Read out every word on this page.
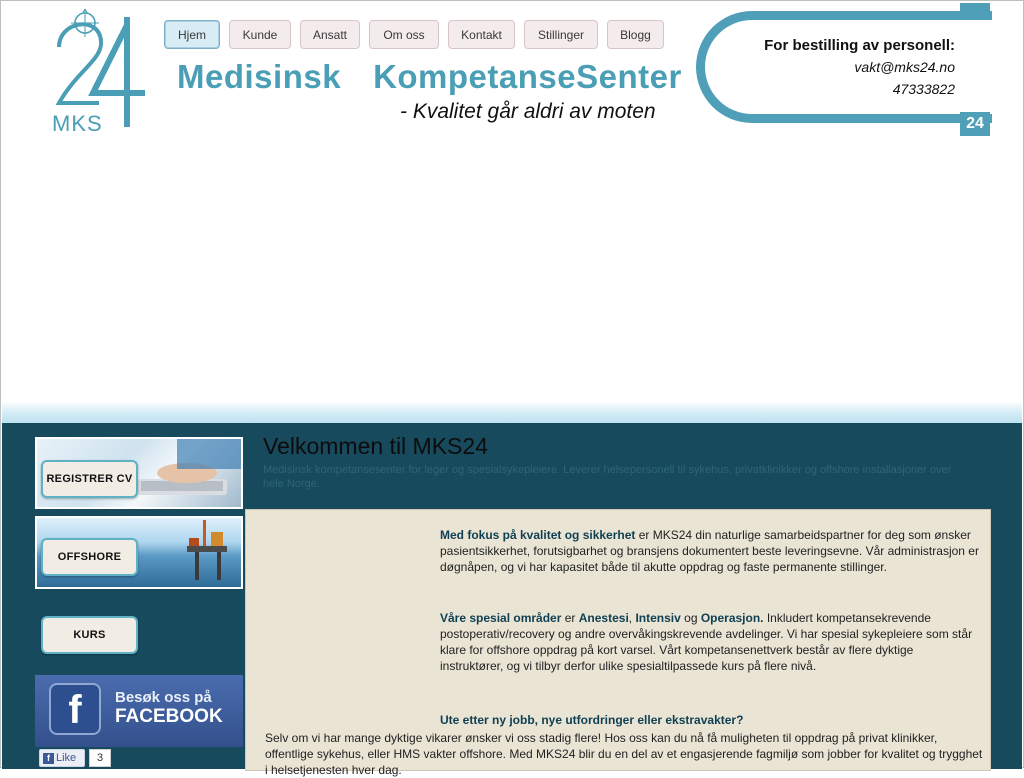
MKS
Hjem	Kunde	Ansatt	Om oss	Kontakt	Stillinger	Blogg
Medisinsk KompetanseSenter
- Kvalitet går aldri av moten
24
For bestilling av personell:
vakt@mks24.no
47333822
REGISTRER CV
OFFSHORE
KURS
f	Besøk oss på
FACEBOOK
f Like	3
Velkommen til MKS24
Medisinsk kompetansesenter for leger og spesialsykepleiere. Leverer helsepersonell til sykehus, privatklinikker og offshore installasjoner over hele Norge.
Med fokus på kvalitet og sikkerhet er MKS24 din naturlige samarbeidspartner for deg som ønsker pasientsikkerhet, forutsigbarhet og bransjens dokumentert beste leveringsevne. Vår administrasjon er døgnåpen, og vi har kapasitet både til akutte oppdrag og faste permanente stillinger.
Våre spesial områder er Anestesi, Intensiv og Operasjon. Inkludert kompetansekrevende postoperativ/recovery og andre overvåkingskrevende avdelinger. Vi har spesial sykepleiere som står klare for offshore oppdrag på kort varsel. Vårt kompetansenettverk består av flere dyktige instruktører, og vi tilbyr derfor ulike spesialtilpassede kurs på flere nivå.
Ute etter ny jobb, nye utfordringer eller ekstravakter?
Selv om vi har mange dyktige vikarer ønsker vi oss stadig flere! Hos oss kan du nå få muligheten til oppdrag på privat klinikker, offentlige sykehus, eller HMS vakter offshore. Med MKS24 blir du en del av et engasjerende fagmiljø som jobber for kvalitet og trygghet i helsetjenesten hver dag.
